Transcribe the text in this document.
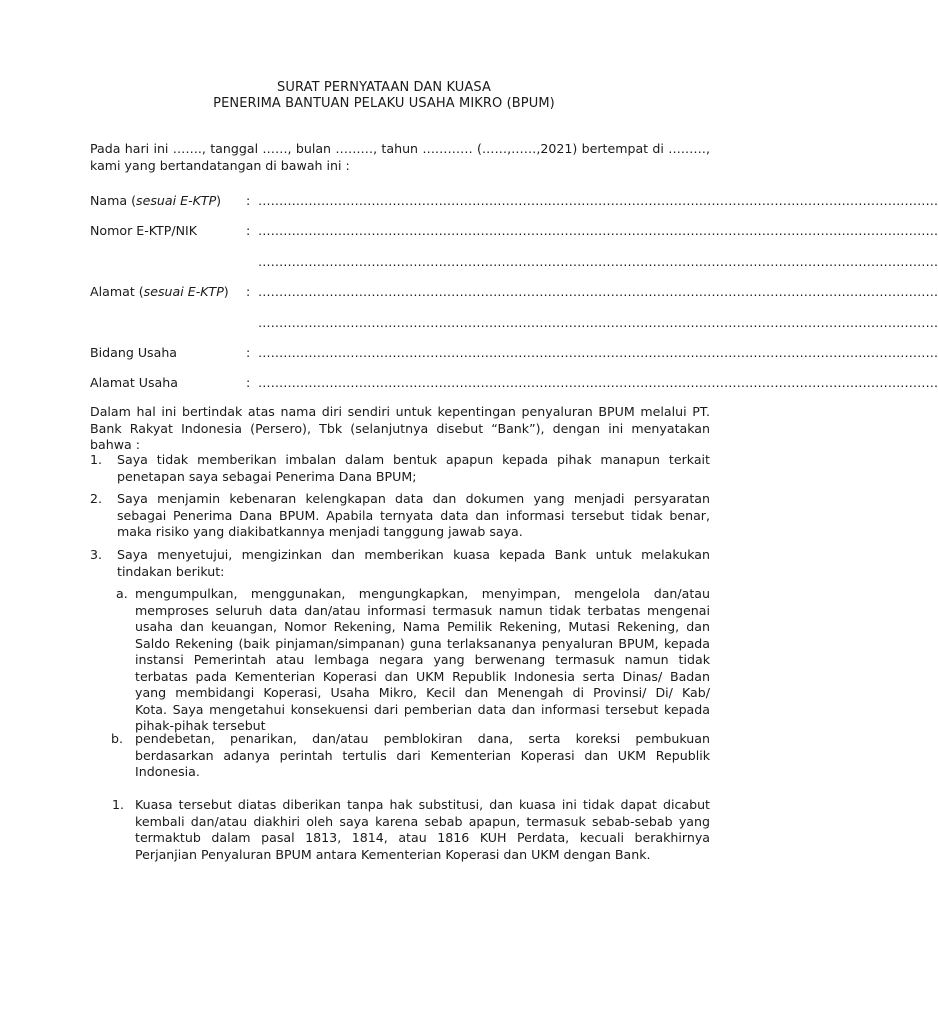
SURAT PERNYATAAN DAN KUASA
PENERIMA BANTUAN PELAKU USAHA MIKRO (BPUM)
Pada hari ini ……., tanggal ……, bulan ………, tahun ………… (……,……,2021) bertempat di ………,
kami yang bertandatangan di bawah ini :
Nama (sesuai E-KTP) : ………………………………………………………………………………………………………………………………………………
Nomor E-KTP/NIK	: ………………………………………………………………………………………………………………………………………………
………………………………………………………………………………………………………………………………………………
Alamat (sesuai E-KTP) : ………………………………………………………………………………………………………………………………………………
………………………………………………………………………………………………………………………………………………
Bidang Usaha	: ………………………………………………………………………………………………………………………………………………
Alamat Usaha	: ………………………………………………………………………………………………………………………………………………
Dalam hal ini bertindak atas nama diri sendiri untuk kepentingan penyaluran BPUM melalui PT.
Bank Rakyat Indonesia (Persero), Tbk (selanjutnya disebut “Bank”), dengan ini menyatakan
bahwa :
1. Saya tidak memberikan imbalan dalam bentuk apapun kepada pihak manapun terkait
penetapan saya sebagai Penerima Dana BPUM;
2. Saya menjamin kebenaran kelengkapan data dan dokumen yang menjadi persyaratan
sebagai Penerima Dana BPUM. Apabila ternyata data dan informasi tersebut tidak benar,
maka risiko yang diakibatkannya menjadi tanggung jawab saya.
3. Saya menyetujui, mengizinkan dan memberikan kuasa kepada Bank untuk melakukan
tindakan berikut:
a. mengumpulkan, menggunakan, mengungkapkan, menyimpan, mengelola dan/atau
memproses seluruh data dan/atau informasi termasuk namun tidak terbatas mengenai
usaha dan keuangan, Nomor Rekening, Nama Pemilik Rekening, Mutasi Rekening, dan
Saldo Rekening (baik pinjaman/simpanan) guna terlaksananya penyaluran BPUM, kepada
instansi Pemerintah atau lembaga negara yang berwenang termasuk namun tidak
terbatas pada Kementerian Koperasi dan UKM Republik Indonesia serta Dinas/ Badan
yang membidangi Koperasi, Usaha Mikro, Kecil dan Menengah di Provinsi/ Di/ Kab/
Kota. Saya mengetahui konsekuensi dari pemberian data dan informasi tersebut kepada
pihak-pihak tersebut
b. pendebetan, penarikan, dan/atau pemblokiran dana, serta koreksi pembukuan
berdasarkan adanya perintah tertulis dari Kementerian Koperasi dan UKM Republik
Indonesia.
1. Kuasa tersebut diatas diberikan tanpa hak substitusi, dan kuasa ini tidak dapat dicabut
kembali dan/atau diakhiri oleh saya karena sebab apapun, termasuk sebab-sebab yang
termaktub dalam pasal 1813, 1814, atau 1816 KUH Perdata, kecuali berakhirnya
Perjanjian Penyaluran BPUM antara Kementerian Koperasi dan UKM dengan Bank.
